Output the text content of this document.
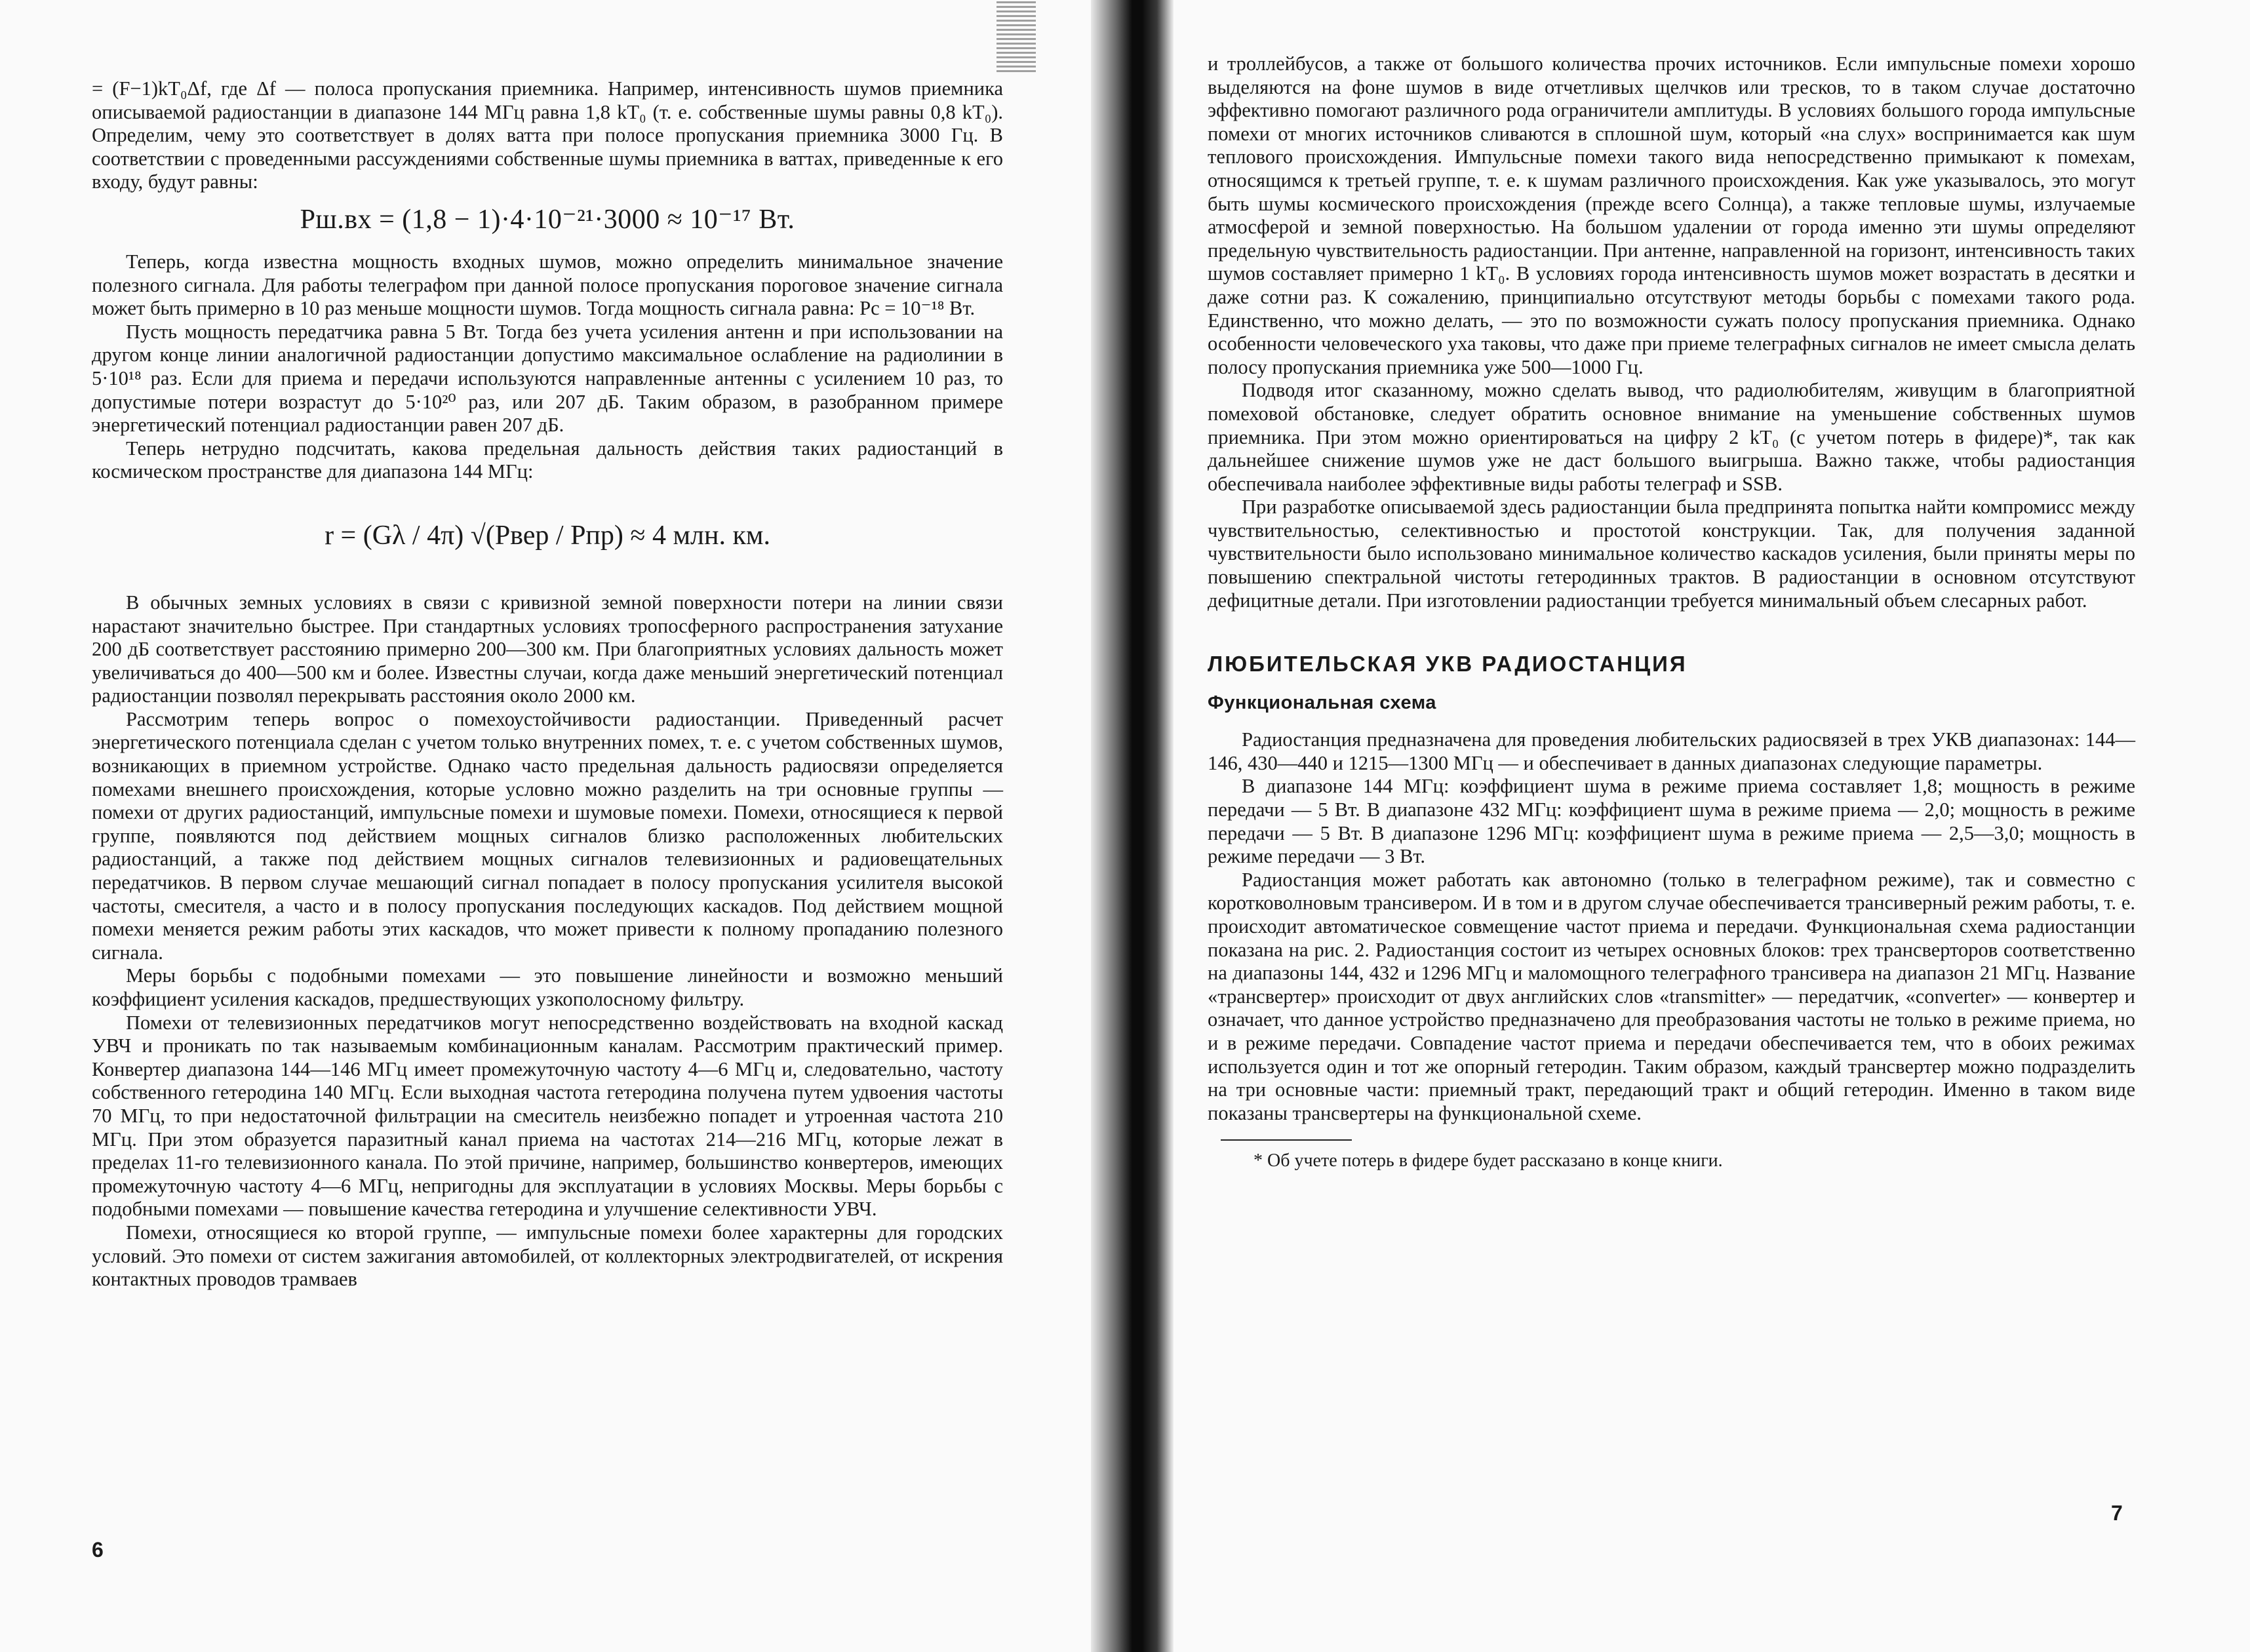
= (F−1)kT₀Δf, где Δf — полоса пропускания приемника. Например, интенсивность шумов приемника описываемой радиостанции в диапазоне 144 МГц равна 1,8 kT₀ (т. е. собственные шумы равны 0,8 kT₀). Определим, чему это соответствует в долях ватта при полосе пропускания приемника 3000 Гц. В соответствии с проведенными рассуждениями собственные шумы приемника в ваттах, приведенные к его входу, будут равны:

Pш.вх = (1,8 − 1)·4·10⁻²¹·3000 ≈ 10⁻¹⁷ Вт.

Теперь, когда известна мощность входных шумов, можно определить минимальное значение полезного сигнала. Для работы телеграфом при данной полосе пропускания пороговое значение сигнала может быть примерно в 10 раз меньше мощности шумов. Тогда мощность сигнала равна: Pс = 10⁻¹⁸ Вт.

Пусть мощность передатчика равна 5 Вт. Тогда без учета усиления антенн и при использовании на другом конце линии аналогичной радиостанции допустимо максимальное ослабление на радиолинии в 5·10¹⁸ раз. Если для приема и передачи используются направленные антенны с усилением 10 раз, то допустимые потери возрастут до 5·10²⁰ раз, или 207 дБ. Таким образом, в разобранном примере энергетический потенциал радиостанции равен 207 дБ.

Теперь нетрудно подсчитать, какова предельная дальность действия таких радиостанций в космическом пространстве для диапазона 144 МГц:

r = (Gλ / 4π) √(Pвер / Pпр) ≈ 4 млн. км.

В обычных земных условиях в связи с кривизной земной поверхности потери на линии связи нарастают значительно быстрее. При стандартных условиях тропосферного распространения затухание 200 дБ соответствует расстоянию примерно 200—300 км. При благоприятных условиях дальность может увеличиваться до 400—500 км и более. Известны случаи, когда даже меньший энергетический потенциал радиостанции позволял перекрывать расстояния около 2000 км.

Рассмотрим теперь вопрос о помехоустойчивости радиостанции. Приведенный расчет энергетического потенциала сделан с учетом только внутренних помех, т. е. с учетом собственных шумов, возникающих в приемном устройстве. Однако часто предельная дальность радиосвязи определяется помехами внешнего происхождения, которые условно можно разделить на три основные группы — помехи от других радиостанций, импульсные помехи и шумовые помехи. Помехи, относящиеся к первой группе, появляются под действием мощных сигналов близко расположенных любительских радиостанций, а также под действием мощных сигналов телевизионных и радиовещательных передатчиков. В первом случае мешающий сигнал попадает в полосу пропускания усилителя высокой частоты, смесителя, а часто и в полосу пропускания последующих каскадов. Под действием мощной помехи меняется режим работы этих каскадов, что может привести к полному пропаданию полезного сигнала.

Меры борьбы с подобными помехами — это повышение линейности и возможно меньший коэффициент усиления каскадов, предшествующих узкополосному фильтру.

Помехи от телевизионных передатчиков могут непосредственно воздействовать на входной каскад УВЧ и проникать по так называемым комбинационным каналам. Рассмотрим практический пример. Конвертер диапазона 144—146 МГц имеет промежуточную частоту 4—6 МГц и, следовательно, частоту собственного гетеродина 140 МГц. Если выходная частота гетеродина получена путем удвоения частоты 70 МГц, то при недостаточной фильтрации на смеситель неизбежно попадет и утроенная частота 210 МГц. При этом образуется паразитный канал приема на частотах 214—216 МГц, которые лежат в пределах 11-го телевизионного канала. По этой причине, например, большинство конвертеров, имеющих промежуточную частоту 4—6 МГц, непригодны для эксплуатации в условиях Москвы. Меры борьбы с подобными помехами — повышение качества гетеродина и улучшение селективности УВЧ.

Помехи, относящиеся ко второй группе, — импульсные помехи более характерны для городских условий. Это помехи от систем зажигания автомобилей, от коллекторных электродвигателей, от искрения контактных проводов трамваев

6

и троллейбусов, а также от большого количества прочих источников. Если импульсные помехи хорошо выделяются на фоне шумов в виде отчетливых щелчков или тресков, то в таком случае достаточно эффективно помогают различного рода ограничители амплитуды. В условиях большого города импульсные помехи от многих источников сливаются в сплошной шум, который «на слух» воспринимается как шум теплового происхождения. Импульсные помехи такого вида непосредственно примыкают к помехам, относящимся к третьей группе, т. е. к шумам различного происхождения. Как уже указывалось, это могут быть шумы космического происхождения (прежде всего Солнца), а также тепловые шумы, излучаемые атмосферой и земной поверхностью. На большом удалении от города именно эти шумы определяют предельную чувствительность радиостанции. При антенне, направленной на горизонт, интенсивность таких шумов составляет примерно 1 kT₀. В условиях города интенсивность шумов может возрастать в десятки и даже сотни раз. К сожалению, принципиально отсутствуют методы борьбы с помехами такого рода. Единственно, что можно делать, — это по возможности сужать полосу пропускания приемника. Однако особенности человеческого уха таковы, что даже при приеме телеграфных сигналов не имеет смысла делать полосу пропускания приемника уже 500—1000 Гц.

Подводя итог сказанному, можно сделать вывод, что радиолюбителям, живущим в благоприятной помеховой обстановке, следует обратить основное внимание на уменьшение собственных шумов приемника. При этом можно ориентироваться на цифру 2 kT₀ (с учетом потерь в фидере)*, так как дальнейшее снижение шумов уже не даст большого выигрыша. Важно также, чтобы радиостанция обеспечивала наиболее эффективные виды работы телеграф и SSB.

При разработке описываемой здесь радиостанции была предпринята попытка найти компромисс между чувствительностью, селективностью и простотой конструкции. Так, для получения заданной чувствительности было использовано минимальное количество каскадов усиления, были приняты меры по повышению спектральной чистоты гетеродинных трактов. В радиостанции в основном отсутствуют дефицитные детали. При изготовлении радиостанции требуется минимальный объем слесарных работ.

ЛЮБИТЕЛЬСКАЯ УКВ РАДИОСТАНЦИЯ
Функциональная схема

Радиостанция предназначена для проведения любительских радиосвязей в трех УКВ диапазонах: 144—146, 430—440 и 1215—1300 МГц — и обеспечивает в данных диапазонах следующие параметры.

В диапазоне 144 МГц: коэффициент шума в режиме приема составляет 1,8; мощность в режиме передачи — 5 Вт. В диапазоне 432 МГц: коэффициент шума в режиме приема — 2,0; мощность в режиме передачи — 5 Вт. В диапазоне 1296 МГц: коэффициент шума в режиме приема — 2,5—3,0; мощность в режиме передачи — 3 Вт.

Радиостанция может работать как автономно (только в телеграфном режиме), так и совместно с коротковолновым трансивером. И в том и в другом случае обеспечивается трансиверный режим работы, т. е. происходит автоматическое совмещение частот приема и передачи. Функциональная схема радиостанции показана на рис. 2. Радиостанция состоит из четырех основных блоков: трех трансверторов соответственно на диапазоны 144, 432 и 1296 МГц и маломощного телеграфного трансивера на диапазон 21 МГц. Название «трансвертер» происходит от двух английских слов «transmitter» — передатчик, «converter» — конвертер и означает, что данное устройство предназначено для преобразования частоты не только в режиме приема, но и в режиме передачи. Совпадение частот приема и передачи обеспечивается тем, что в обоих режимах используется один и тот же опорный гетеродин. Таким образом, каждый трансвертер можно подразделить на три основные части: приемный тракт, передающий тракт и общий гетеродин. Именно в таком виде показаны трансвертеры на функциональной схеме.

* Об учете потерь в фидере будет рассказано в конце книги.

7
